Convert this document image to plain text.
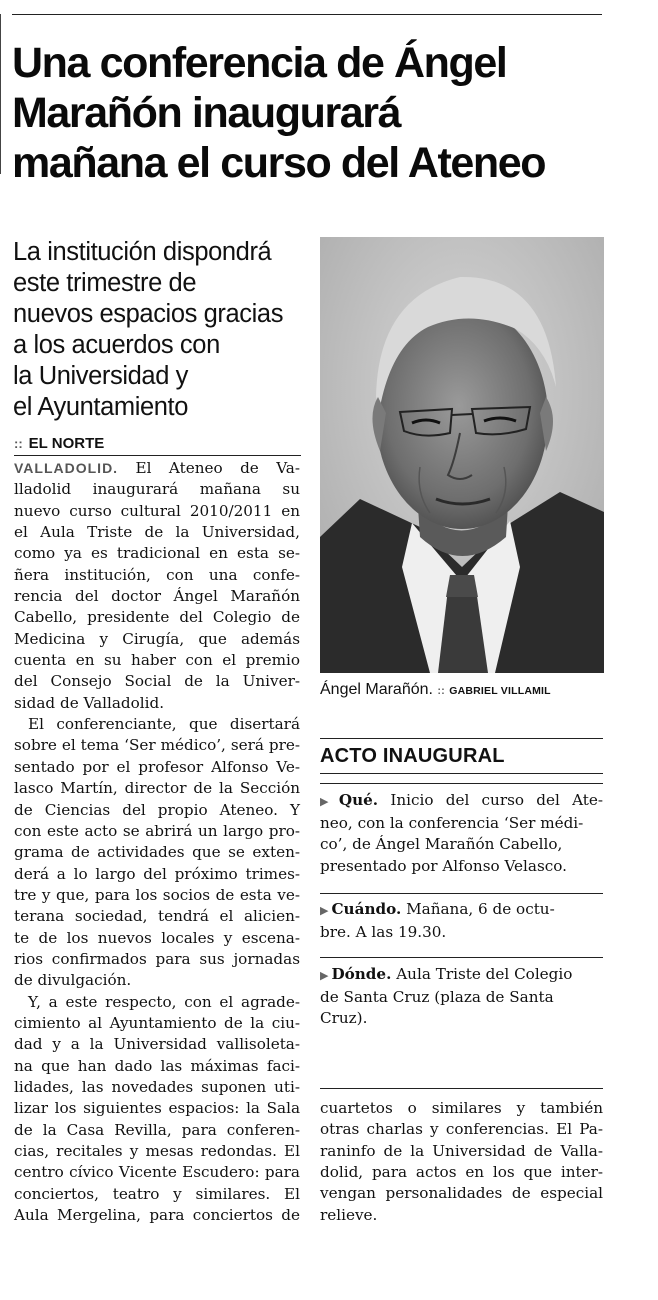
Una conferencia de Ángel
Marañón inaugurará
mañana el curso del Ateneo
La institución dispondrá
este trimestre de
nuevos espacios gracias
a los acuerdos con
la Universidad y
el Ayuntamiento
:: EL NORTE
Ángel Marañón. :: GABRIEL VILLAMIL
VALLADOLID. El Ateneo de Va-
lladolid inaugurará mañana su
nuevo curso cultural 2010/2011 en
el Aula Triste de la Universidad,
como ya es tradicional en esta se-
ñera institución, con una confe-
rencia del doctor Ángel Marañón
Cabello, presidente del Colegio de
Medicina y Cirugía, que además
cuenta en su haber con el premio
del Consejo Social de la Univer-
sidad de Valladolid.
El conferenciante, que disertará
sobre el tema ‘Ser médico’, será pre-
sentado por el profesor Alfonso Ve-
lasco Martín, director de la Sección
de Ciencias del propio Ateneo. Y
con este acto se abrirá un largo pro-
grama de actividades que se exten-
derá a lo largo del próximo trimes-
tre y que, para los socios de esta ve-
terana sociedad, tendrá el alicien-
te de los nuevos locales y escena-
rios confirmados para sus jornadas
de divulgación.
Y, a este respecto, con el agrade-
cimiento al Ayuntamiento de la ciu-
dad y a la Universidad vallisoleta-
na que han dado las máximas faci-
lidades, las novedades suponen uti-
lizar los siguientes espacios: la Sala
de la Casa Revilla, para conferen-
cias, recitales y mesas redondas. El
centro cívico Vicente Escudero: para
conciertos, teatro y similares. El
Aula Mergelina, para conciertos de
ACTO INAUGURAL
▶ Qué. Inicio del curso del Ate-
neo, con la conferencia ‘Ser médi-
co’, de Ángel Marañón Cabello,
presentado por Alfonso Velasco.
▶ Cuándo. Mañana, 6 de octu-
bre. A las 19.30.
▶ Dónde. Aula Triste del Colegio
de Santa Cruz (plaza de Santa
Cruz).
cuartetos o similares y también
otras charlas y conferencias. El Pa-
raninfo de la Universidad de Valla-
dolid, para actos en los que inter-
vengan personalidades de especial
relieve.
